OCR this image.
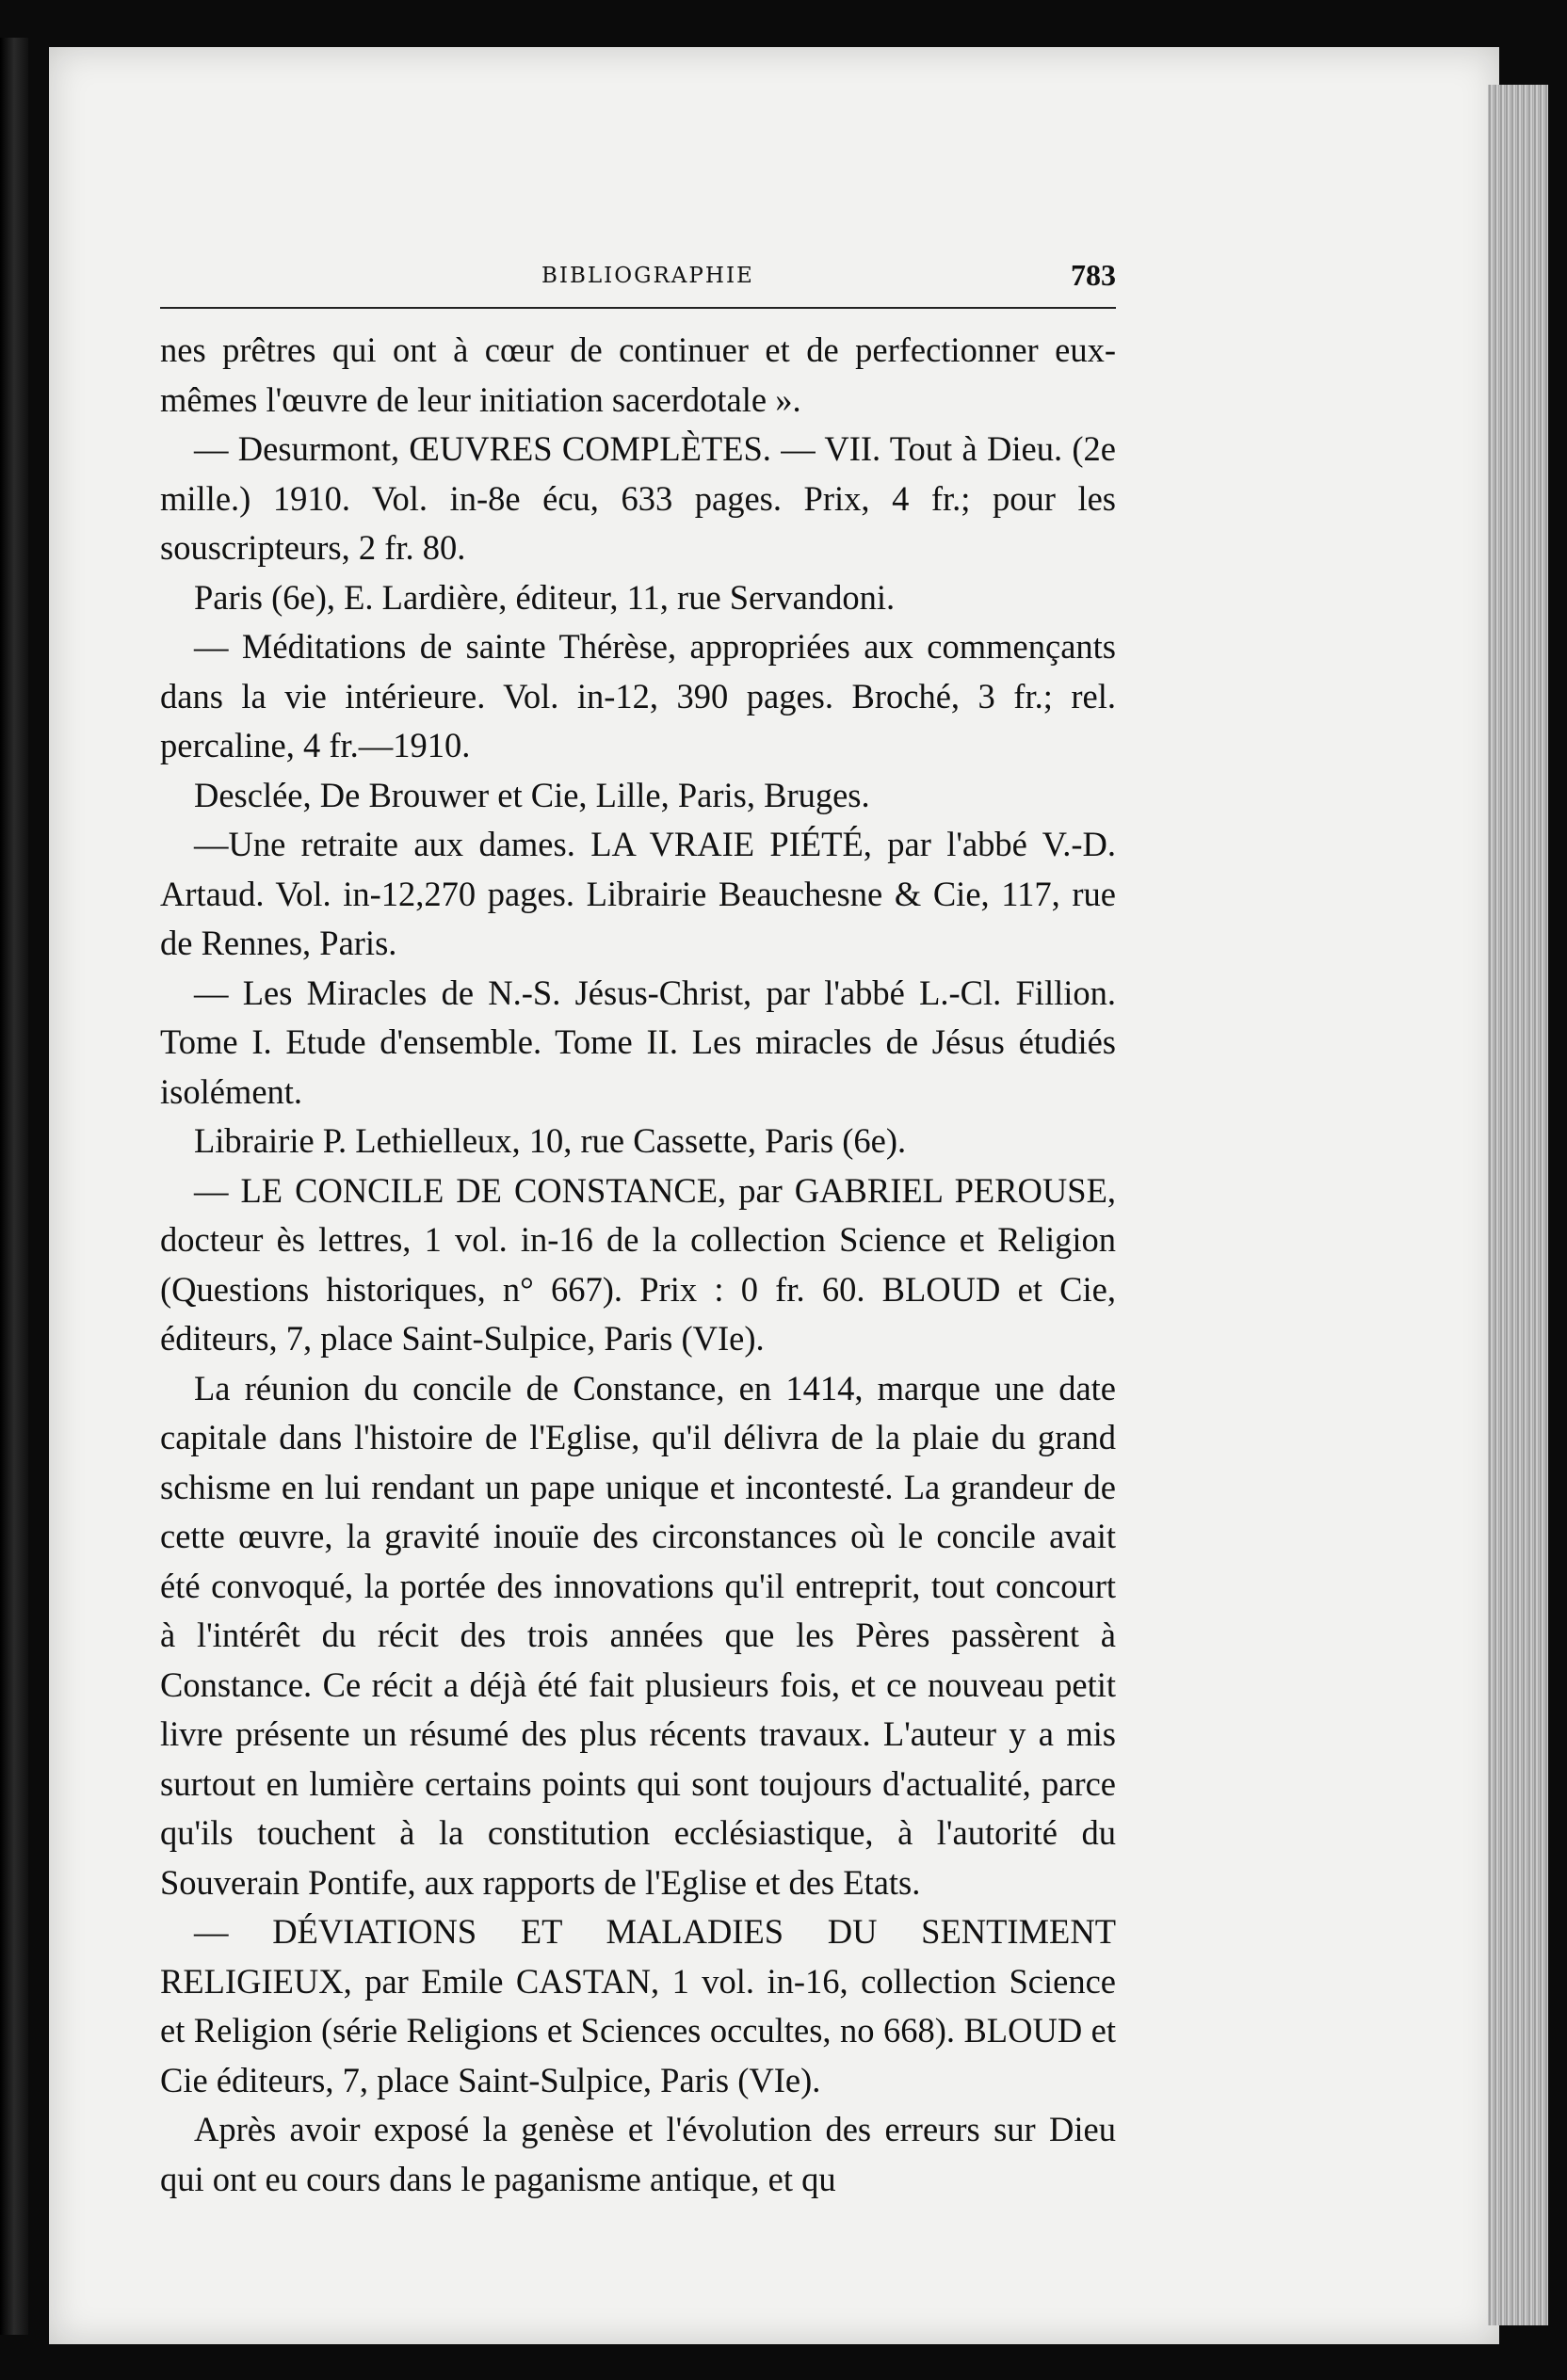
BIBLIOGRAPHIE	783

nes prêtres qui ont à cœur de continuer et de perfectionner eux-mêmes l'œuvre de leur initiation sacerdotale ».

— Desurmont, ŒUVRES COMPLÈTES. — VII. Tout à Dieu. (2e mille.) 1910. Vol. in-8e écu, 633 pages. Prix, 4 fr.; pour les souscripteurs, 2 fr. 80.

Paris (6e), E. Lardière, éditeur, 11, rue Servandoni.

— Méditations de sainte Thérèse, appropriées aux commençants dans la vie intérieure. Vol. in-12, 390 pages. Broché, 3 fr.; rel. percaline, 4 fr.—1910.

Desclée, De Brouwer et Cie, Lille, Paris, Bruges.

—Une retraite aux dames. LA VRAIE PIÉTÉ, par l'abbé V.-D. Artaud. Vol. in-12,270 pages. Librairie Beauchesne & Cie, 117, rue de Rennes, Paris.

— Les Miracles de N.-S. Jésus-Christ, par l'abbé L.-Cl. Fillion. Tome I. Etude d'ensemble. Tome II. Les miracles de Jésus étudiés isolément.

Librairie P. Lethielleux, 10, rue Cassette, Paris (6e).

— LE CONCILE DE CONSTANCE, par GABRIEL PEROUSE, docteur ès lettres, 1 vol. in-16 de la collection Science et Religion (Questions historiques, n° 667). Prix : 0 fr. 60. BLOUD et Cie, éditeurs, 7, place Saint-Sulpice, Paris (VIe).

La réunion du concile de Constance, en 1414, marque une date capitale dans l'histoire de l'Eglise, qu'il délivra de la plaie du grand schisme en lui rendant un pape unique et incontesté. La grandeur de cette œuvre, la gravité inouïe des circonstances où le concile avait été convoqué, la portée des innovations qu'il entreprit, tout concourt à l'intérêt du récit des trois années que les Pères passèrent à Constance. Ce récit a déjà été fait plusieurs fois, et ce nouveau petit livre présente un résumé des plus récents travaux. L'auteur y a mis surtout en lumière certains points qui sont toujours d'actualité, parce qu'ils touchent à la constitution ecclésiastique, à l'autorité du Souverain Pontife, aux rapports de l'Eglise et des Etats.

— DÉVIATIONS ET MALADIES DU SENTIMENT RELIGIEUX, par Emile CASTAN, 1 vol. in-16, collection Science et Religion (série Religions et Sciences occultes, no 668). BLOUD et Cie éditeurs, 7, place Saint-Sulpice, Paris (VIe).

Après avoir exposé la genèse et l'évolution des erreurs sur Dieu qui ont eu cours dans le paganisme antique, et qu
